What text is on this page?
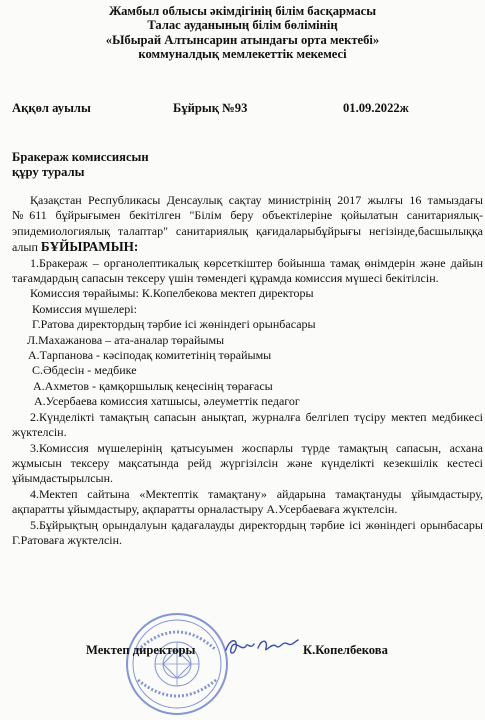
Жамбыл облысы әкімдігінің білім басқармасы
Талас ауданының білім бөлімінің
«Ыбырай Алтынсарин атындағы орта мектебі»
коммуналдық мемлекеттік мекемесі
Аққөл ауылы	Бұйрық №93	01.09.2022ж
Бракераж комиссиясын
құру туралы

Қазақстан Республикасы Денсаулық сақтау министрінің 2017 жылғы 16 тамыздағы №611 бұйрығымен бекітілген "Білім беру объектілеріне қойылатын санитариялық-эпидемиологиялық талаптар" санитариялық қағидаларыбұйрығы негізінде,басшылыққа алып БҰЙЫРАМЫН:

1.Бракераж – органолептикалық көрсеткіштер бойынша тамақ өнімдерін және дайын тағамдардың сапасын тексеру үшін төмендегі құрамда комиссия мүшесі бекітілсін.

Комиссия төрайымы: К.Копелбекова мектеп директоры
Комиссия мүшелері:
Г.Ратова директордың тәрбие ісі жөніндегі орынбасары
Л.Махажанова – ата-аналар төрайымы
А.Тарпанова - кәсіподақ комитетінің төрайымы
С.Әбдесін - медбике
А.Ахметов - қамқоршылық кеңесінің төрағасы
А.Усербаева комиссия хатшысы, әлеуметтік педагог

2.Күнделікті тамақтың сапасын анықтап, журналға белгілеп түсіру мектеп медбикесі жүктелсін.

3.Комиссия мүшелерінің қатысуымен жоспарлы түрде тамақтың сапасын, асхана жұмысын тексеру мақсатында рейд жүргізілсін және күнделікті кезекшілік кестесі ұйымдастырылсын.

4.Мектеп сайтына «Мектептік тамақтану» айдарына тамақтануды ұйымдастыру, ақпаратты ұйымдастыру, ақпаратты орналастыру А.Усербаеваға жүктелсін.

5.Бұйрықтың орындалуын қадағалауды директордың тәрбие ісі жөніндегі орынбасары Г.Ратоваға жүктелсін.

Мектеп директоры	К.Копелбекова
